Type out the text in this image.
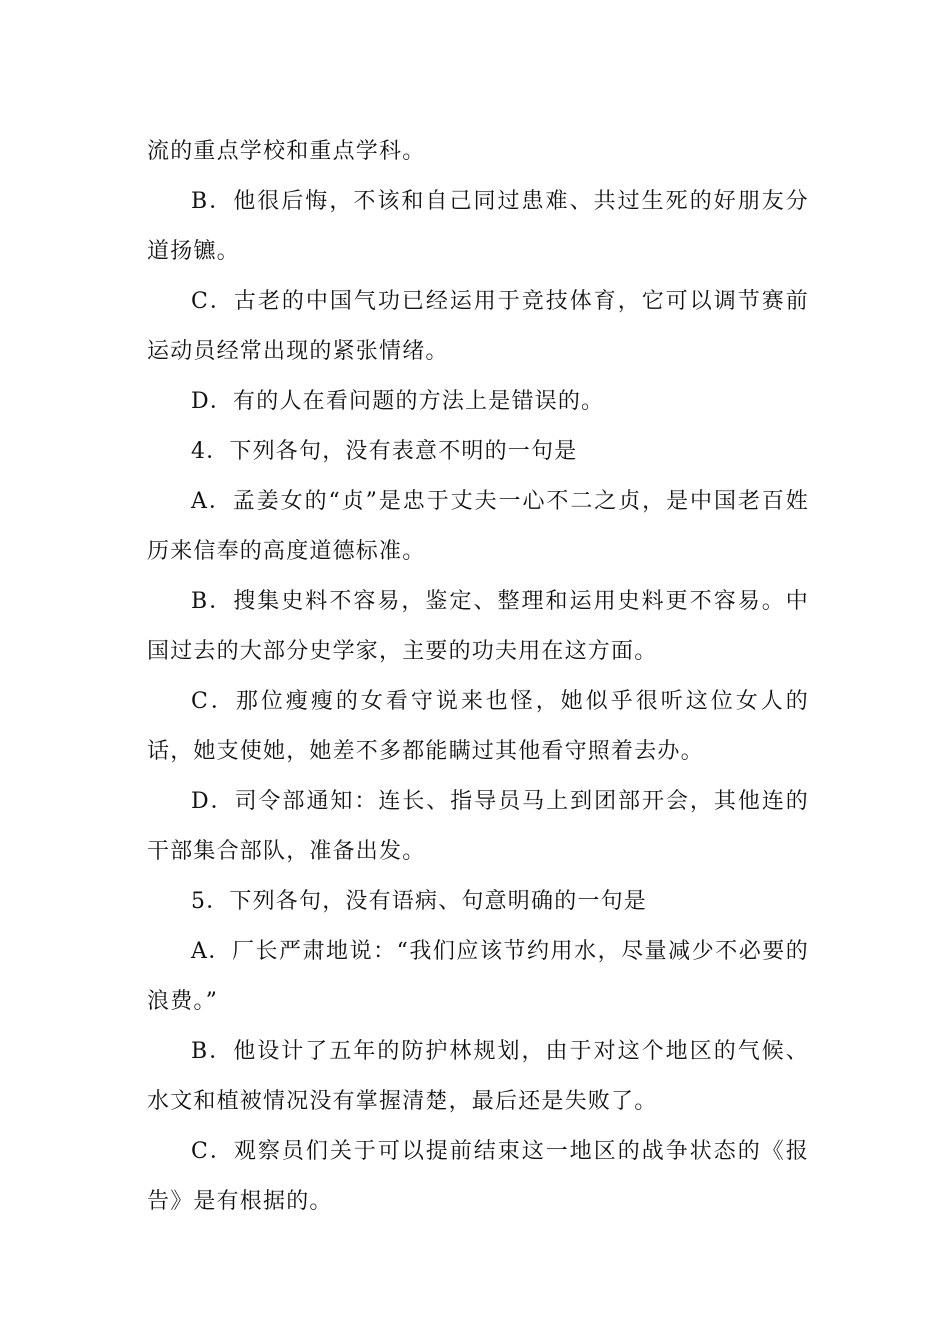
流的重点学校和重点学科。

B．他很后悔，不该和自己同过患难、共过生死的好朋友分道扬镳。

C．古老的中国气功已经运用于竞技体育，它可以调节赛前运动员经常出现的紧张情绪。

D．有的人在看问题的方法上是错误的。

4．下列各句，没有表意不明的一句是

A．孟姜女的“贞”是忠于丈夫一心不二之贞，是中国老百姓历来信奉的高度道德标准。

B．搜集史料不容易，鉴定、整理和运用史料更不容易。中国过去的大部分史学家，主要的功夫用在这方面。

C．那位瘦瘦的女看守说来也怪，她似乎很听这位女人的话，她支使她，她差不多都能瞒过其他看守照着去办。

D．司令部通知：连长、指导员马上到团部开会，其他连的干部集合部队，准备出发。

5．下列各句，没有语病、句意明确的一句是

A．厂长严肃地说：“我们应该节约用水，尽量减少不必要的浪费。”

B．他设计了五年的防护林规划，由于对这个地区的气候、水文和植被情况没有掌握清楚，最后还是失败了。

C．观察员们关于可以提前结束这一地区的战争状态的《报告》是有根据的。
